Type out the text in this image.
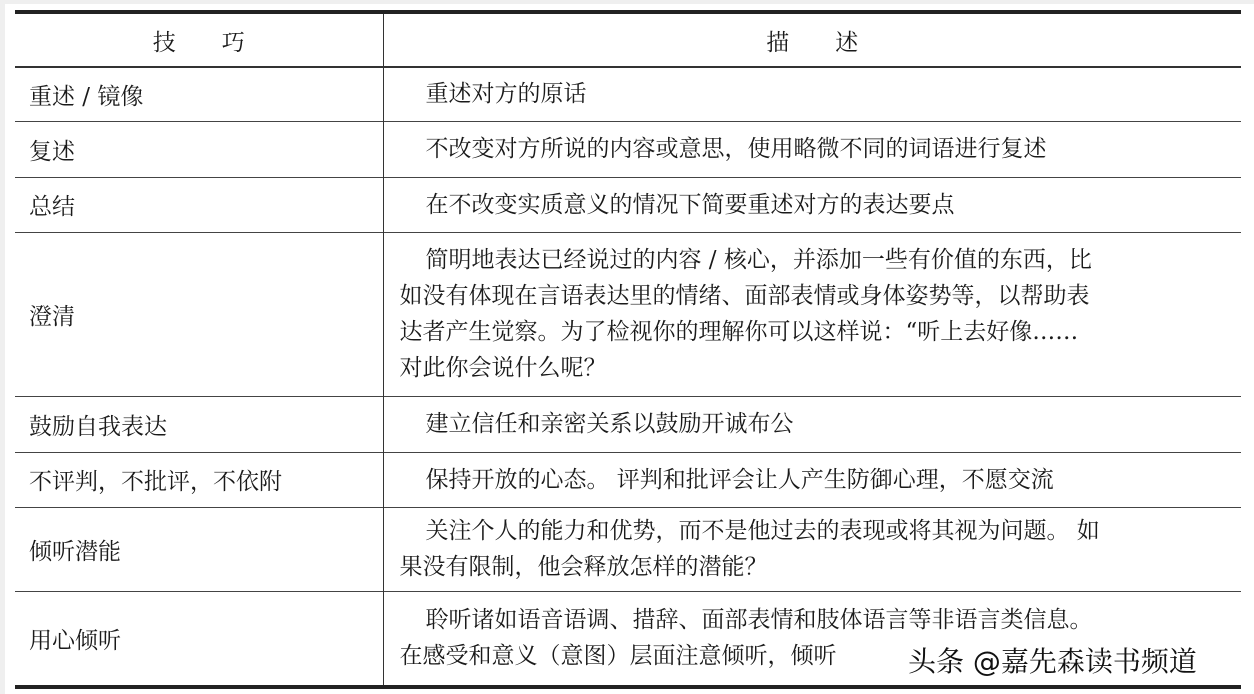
技　　巧	描　　述
重述 / 镜像	重述对方的原话

复述	不改变对方所说的内容或意思，使用略微不同的词语进行复述

总结	在不改变实质意义的情况下简要重述对方的表达要点

澄清	简明地表达已经说过的内容 / 核心，并添加一些有价值的东西，比
如没有体现在言语表达里的情绪、面部表情或身体姿势等，以帮助表
达者产生觉察。为了检视你的理解你可以这样说：“听上去好像……
对此你会说什么呢？

鼓励自我表达	建立信任和亲密关系以鼓励开诚布公

不评判，不批评，不依附	保持开放的心态。 评判和批评会让人产生防御心理，不愿交流

倾听潜能	关注个人的能力和优势，而不是他过去的表现或将其视为问题。 如
果没有限制，他会释放怎样的潜能？

用心倾听	聆听诸如语音语调、措辞、面部表情和肢体语言等非语言类信息。
在感受和意义（意图）层面注意倾听，倾听	头条 @嘉先森读书频道
